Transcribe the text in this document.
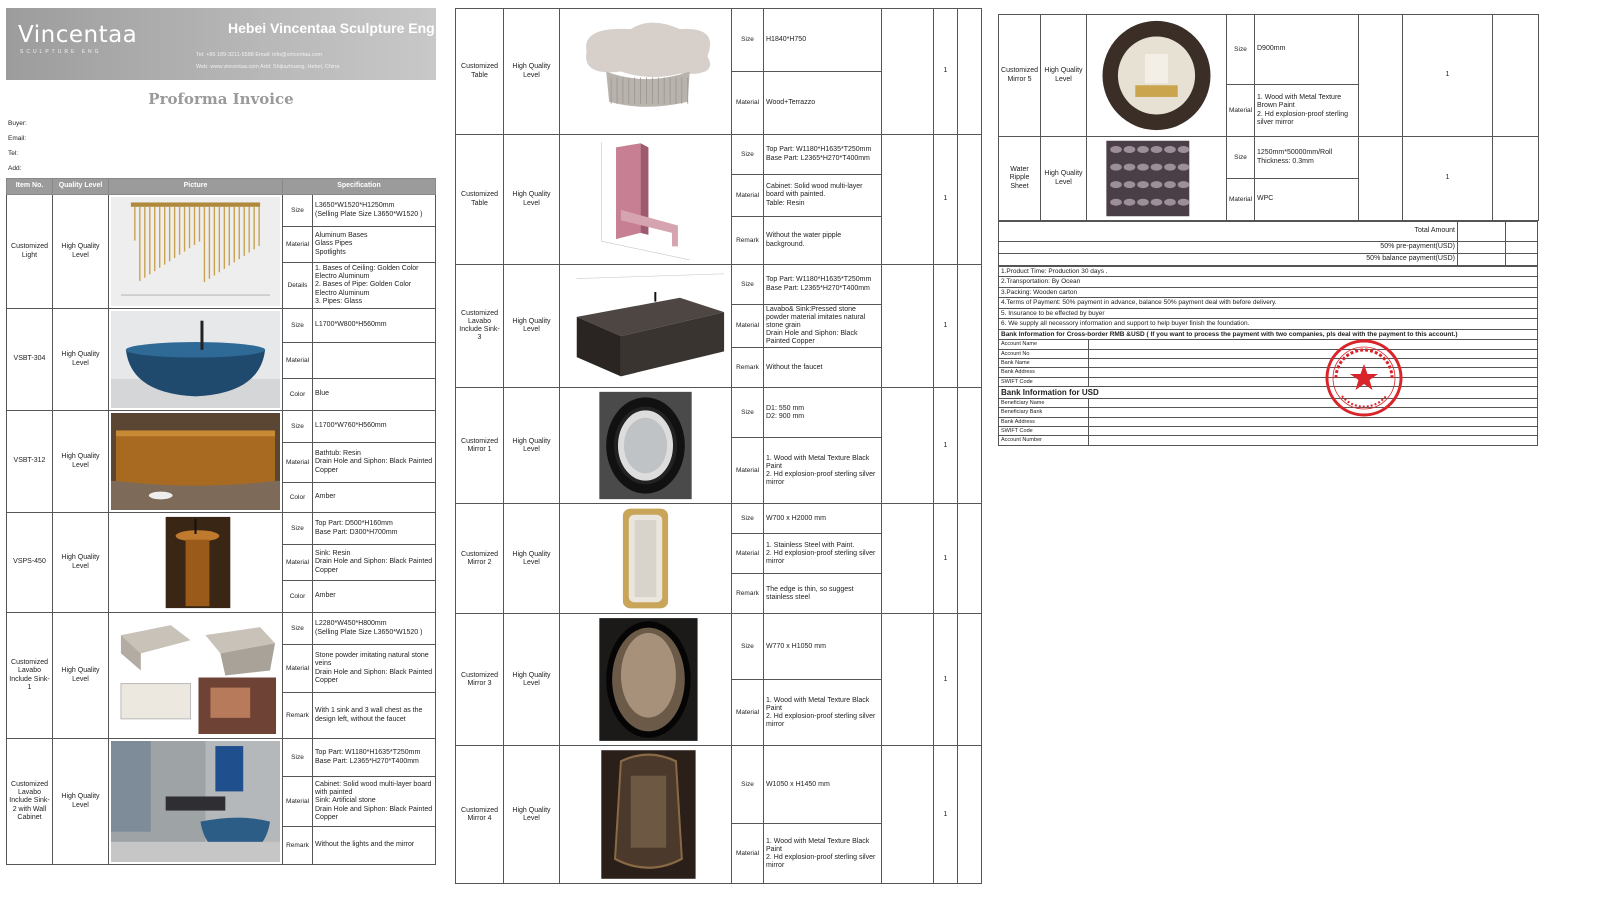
Vincentaa
SCULPTURE ENG
Hebei Vincentaa Sculpture Eng
Tel: +86 189-3211-5588 Email: info@vincentaa.com
Web: www.vincentaa.com Add: Shijiazhuang, Hebei, China
Proforma Invoice
Buyer:
Email:
Tel:
Add:
Item No.	Quality Level	Picture	Specification	
Customized Light	High Quality Level		Size	L3650*W1520*H1250mm
(Selling Plate Size L3650*W1520 )
			Material	Aluminum Bases
Glass Pipes
Spotlights
			Details	1. Bases of Ceiling: Golden Color Electro Aluminum
2. Bases of Pipe: Golden Color Electro Aluminum
3. Pipes: Glass
VSBT-304	High Quality Level		Size	L1700*W800*H560mm
			Material	
			Color	Blue
VSBT-312	High Quality Level		Size	L1700*W760*H560mm
			Material	Bathtub: Resin
Drain Hole and Siphon: Black Painted Copper
			Color	Amber
VSPS-450	High Quality Level		Size	Top Part: D500*H160mm
Base Part: D300*H700mm
			Material	Sink: Resin
Drain Hole and Siphon: Black Painted Copper
			Color	Amber
Customized Lavabo Include Sink-1	High Quality Level		Size	L2280*W450*H800mm
(Selling Plate Size L3650*W1520 )
			Material	Stone powder imitating natural stone veins
Drain Hole and Siphon: Black Painted Copper
			Remark	With 1 sink and 3 wall chest as the design left, without the faucet
Customized Lavabo Include Sink-2 with Wall Cabinet	High Quality Level		Size	Top Part: W1180*H1635*T250mm
Base Part: L2365*H270*T400mm
			Material	Cabinet: Solid wood multi-layer board with painted
Sink: Artificial stone
Drain Hole and Siphon: Black Painted Copper
			Remark	Without the lights and the mirror
Customized Table	High Quality Level		Size	H1840*H750		1	
			Material	Wood+Terrazzo			
Customized Table	High Quality Level		Size	Top Part: W1180*H1635*T250mm
Base Part: L2365*H270*T400mm		1	
			Material	Cabinet: Solid wood multi-layer board with painted.
Table: Resin			
			Remark	Without the water pipple background.			
Customized Lavabo Include Sink-3	High Quality Level		Size	Top Part: W1180*H1635*T250mm
Base Part: L2365*H270*T400mm		1	
			Material	Lavabo& Sink:Pressed stone powder material imitates natural stone grain
Drain Hole and Siphon: Black Painted Copper			
			Remark	Without the faucet			
Customized Mirror 1	High Quality Level		Size	D1: 550 mm
D2: 900 mm		1	
			Material	1. Wood with Metal Texture Black Paint
2. Hd explosion-proof sterling silver mirror			
Customized Mirror 2	High Quality Level		Size	W700 x H2000 mm		1	
			Material	1. Stainless Steel with Paint.
2. Hd explosion-proof sterling silver mirror			
			Remark	The edge is thin, so suggest stainless steel			
Customized Mirror 3	High Quality Level		Size	W770 x H1050 mm		1	
			Material	1. Wood with Metal Texture Black Paint
2. Hd explosion-proof sterling silver mirror			
Customized Mirror 4	High Quality Level		Size	W1050 x H1450 mm		1	
			Material	1. Wood with Metal Texture Black Paint
2. Hd explosion-proof sterling silver mirror			
Customized Mirror 5	High Quality Level		Size	D900mm		1			
			Material	1. Wood with Metal Texture Brown Paint
2. Hd explosion-proof sterling silver mirror				
Water Ripple Sheet	High Quality Level		Size	1250mm*50000mm/Roll
Thickness: 0.3mm		1			
			Material	WPC				
Total Amount		
50% pre-payment(USD)		
50% balance payment(USD)		
1.Product Time: Production 30 days .	
2.Transportation: By Ocean	
3.Packing: Wooden carton	
4.Terms of Payment: 50% payment in advance, balance 50% payment deal with before delivery.	
5. Insurance to be effected by buyer	
6. We supply all necessory information and support to help buyer finish the foundation.	
Bank Information for Cross-border RMB &USD ( If you want to process the payment with two companies, pls deal with the payment to this account.)	
Account Name	
Account No	
Bank Name	
Bank Address	
SWIFT Code	
Bank Information for USD	
Beneficiary Name	
Beneficiary Bank	
Bank Address	
SWIFT Code	
Account Number	
